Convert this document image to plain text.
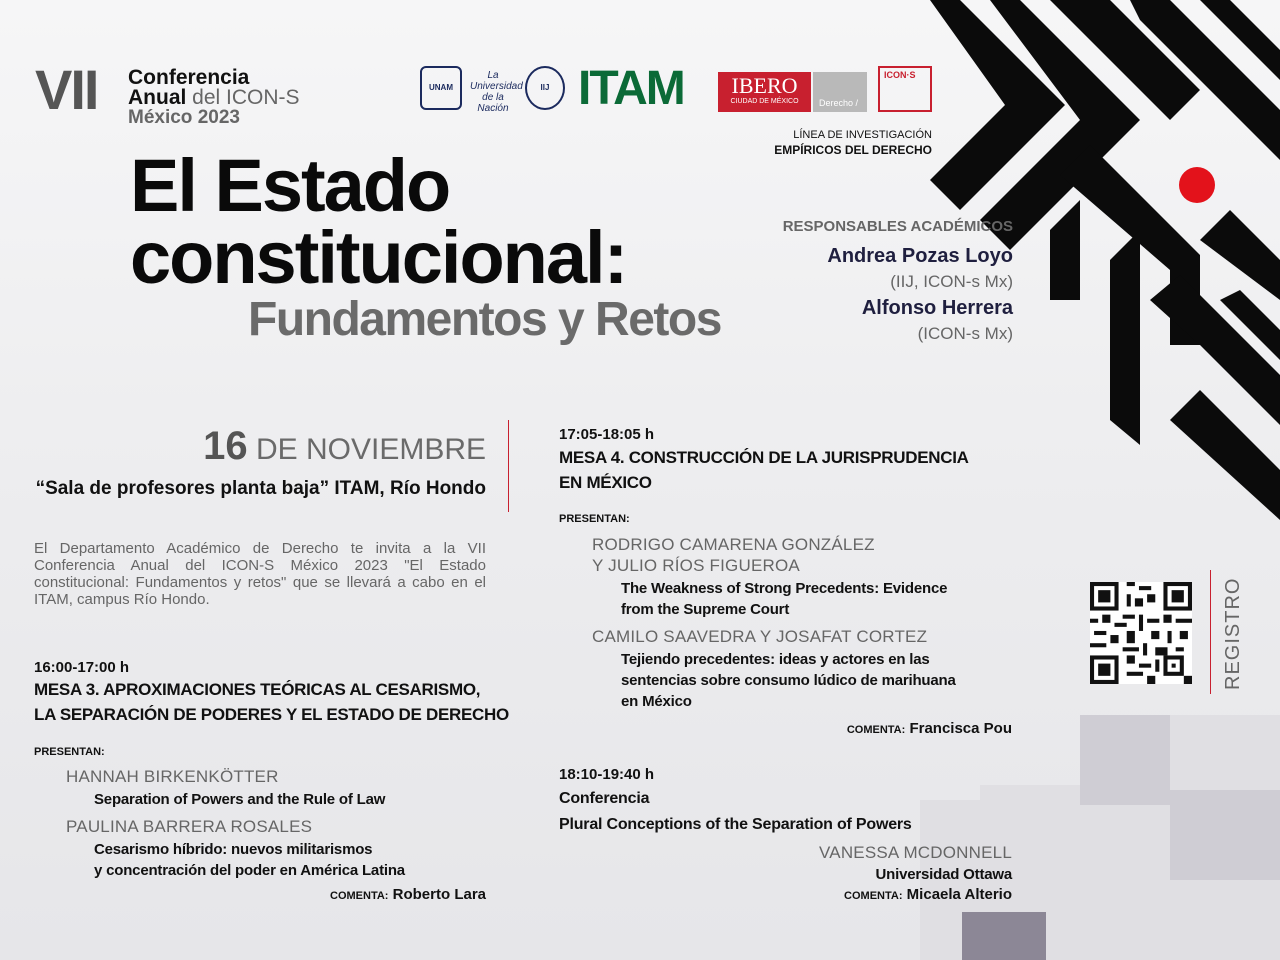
VII Conferencia
Anual del ICON-S
México 2023
UNAM
La Universidad de la Nación
IIJ ITAM	IBERO
CIUDAD DE MÉXICO	Derecho /
ICON·S
LÍNEA DE INVESTIGACIÓN
EMPÍRICOS DEL DERECHO
El Estado
constitucional:
Fundamentos y Retos
RESPONSABLES ACADÉMICOS
Andrea Pozas Loyo
(IIJ, ICON-s Mx)
Alfonso Herrera
(ICON-s Mx)
16 DE NOVIEMBRE
“Sala de profesores planta baja” ITAM, Río Hondo
El Departamento Académico de Derecho te invita a la VII Conferencia Anual del ICON-S México 2023 "El Estado constitucional: Fundamentos y retos" que se llevará a cabo en el ITAM, campus Río Hondo.
16:00-17:00 h
MESA 3. APROXIMACIONES TEÓRICAS AL CESARISMO,
LA SEPARACIÓN DE PODERES Y EL ESTADO DE DERECHO
PRESENTAN:
HANNAH BIRKENKÖTTER
Separation of Powers and the Rule of Law
PAULINA BARRERA ROSALES
Cesarismo híbrido: nuevos militarismos
y concentración del poder en América Latina
COMENTA: Roberto Lara
17:05-18:05 h
MESA 4. CONSTRUCCIÓN DE LA JURISPRUDENCIA
EN MÉXICO
PRESENTAN:
RODRIGO CAMARENA GONZÁLEZ
Y JULIO RÍOS FIGUEROA
The Weakness of Strong Precedents: Evidence
from the Supreme Court
CAMILO SAAVEDRA Y JOSAFAT CORTEZ
Tejiendo precedentes: ideas y actores en las
sentencias sobre consumo lúdico de marihuana
en México
COMENTA: Francisca Pou
18:10-19:40 h
Conferencia
Plural Conceptions of the Separation of Powers
VANESSA MCDONNELL
Universidad Ottawa
COMENTA: Micaela Alterio
REGISTRO
